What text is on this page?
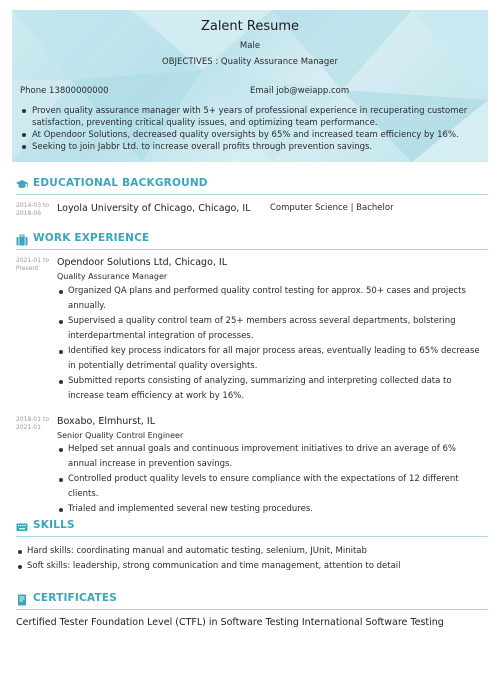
Zalent Resume
Male
OBJECTIVES : Quality Assurance Manager
Phone 13800000000	Email job@weiapp.com
Proven quality assurance manager with 5+ years of professional experience in recuperating customer satisfaction, preventing critical quality issues, and optimizing team performance.
At Opendoor Solutions, decreased quality oversights by 65% and increased team efficiency by 16%.
Seeking to join Jabbr Ltd. to increase overall profits through prevention savings.
EDUCATIONAL BACKGROUND
2014-03 to
2018-06	Loyola University of Chicago, Chicago, IL Computer Science | Bachelor
WORK EXPERIENCE
2021-01 to
Present
Opendoor Solutions Ltd, Chicago, IL
Quality Assurance Manager
Organized QA plans and performed quality control testing for approx. 50+ cases and projects annually.
Supervised a quality control team of 25+ members across several departments, bolstering interdepartmental integration of processes.
Identified key process indicators for all major process areas, eventually leading to 65% decrease in potentially detrimental quality oversights.
Submitted reports consisting of analyzing, summarizing and interpreting collected data to increase team efficiency at work by 16%.
2018-01 to
2021-01
Boxabo, Elmhurst, IL
Senior Quality Control Engineer
Helped set annual goals and continuous improvement initiatives to drive an average of 6% annual increase in prevention savings.
Controlled product quality levels to ensure compliance with the expectations of 12 different clients.
Trialed and implemented several new testing procedures.
SKILLS
Hard skills: coordinating manual and automatic testing, selenium, JUnit, Minitab
Soft skills: leadership, strong communication and time management, attention to detail
CERTIFICATES
Certified Tester Foundation Level (CTFL) in Software Testing International Software Testing
